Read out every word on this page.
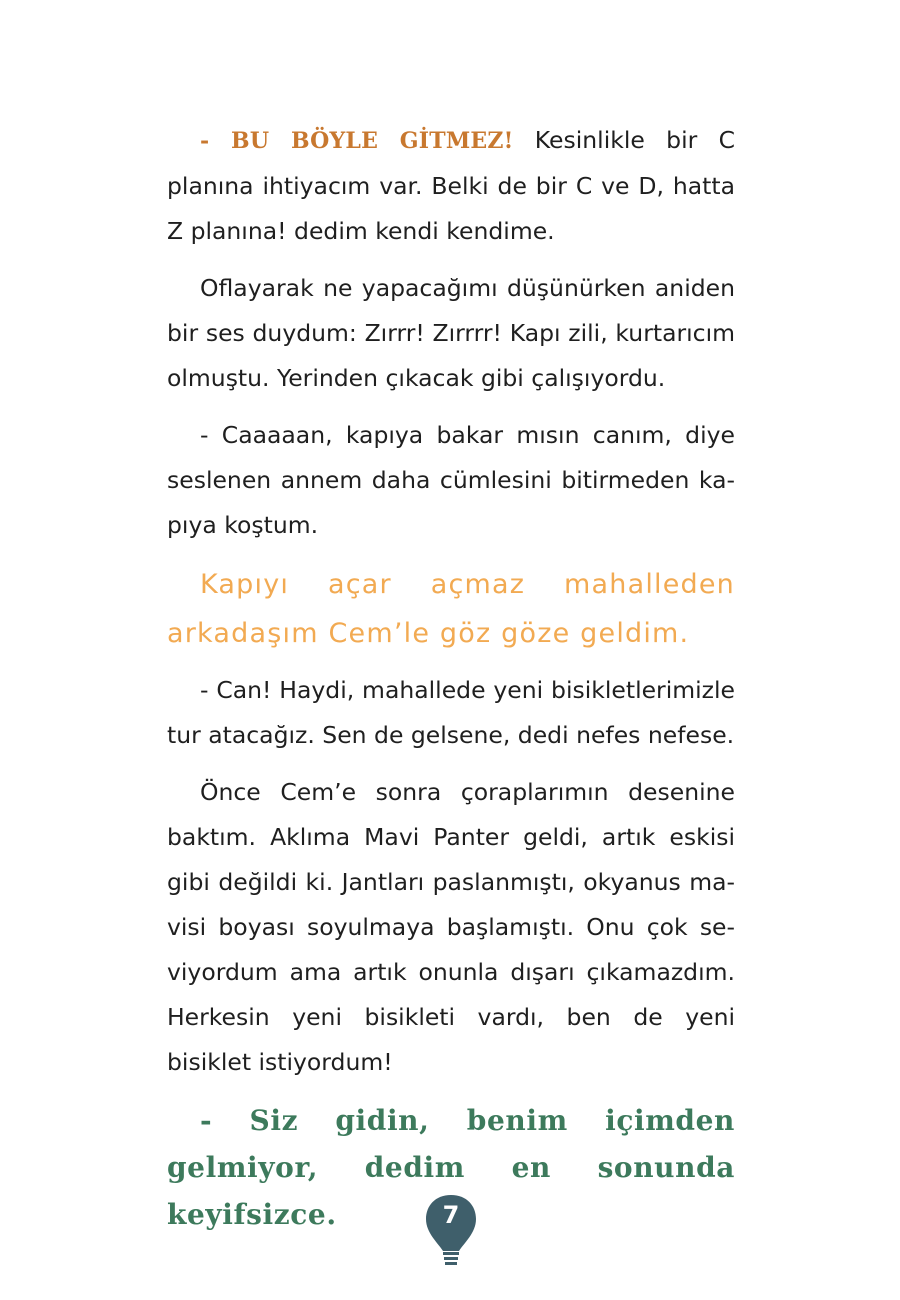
- BU BÖYLE GİTMEZ! Kesinlikle bir C planına ihtiyacım var. Belki de bir C ve D, hatta Z planına! dedim kendi kendime.

Oflayarak ne yapacağımı düşünürken aniden bir ses duydum: Zırrr! Zırrrr! Kapı zili, kurtarıcım olmuştu. Yerinden çıkacak gibi çalışıyordu.

- Caaaaan, kapıya bakar mısın canım, diye seslenen annem daha cümlesini bitirmeden kapıya koştum.

Kapıyı açar açmaz mahalleden arkadaşım Cem’le göz göze geldim.

- Can! Haydi, mahallede yeni bisikletlerimizle tur atacağız. Sen de gelsene, dedi nefes nefese.

Önce Cem’e sonra çoraplarımın desenine baktım. Aklıma Mavi Panter geldi, artık eskisi gibi değildi ki. Jantları paslanmıştı, okyanus mavisi boyası soyulmaya başlamıştı. Onu çok seviyordum ama artık onunla dışarı çıkamazdım. Herkesin yeni bisikleti vardı, ben de yeni bisiklet istiyordum!

- Siz gidin, benim içimden gelmiyor, dedim en sonunda keyifsizce.	7
